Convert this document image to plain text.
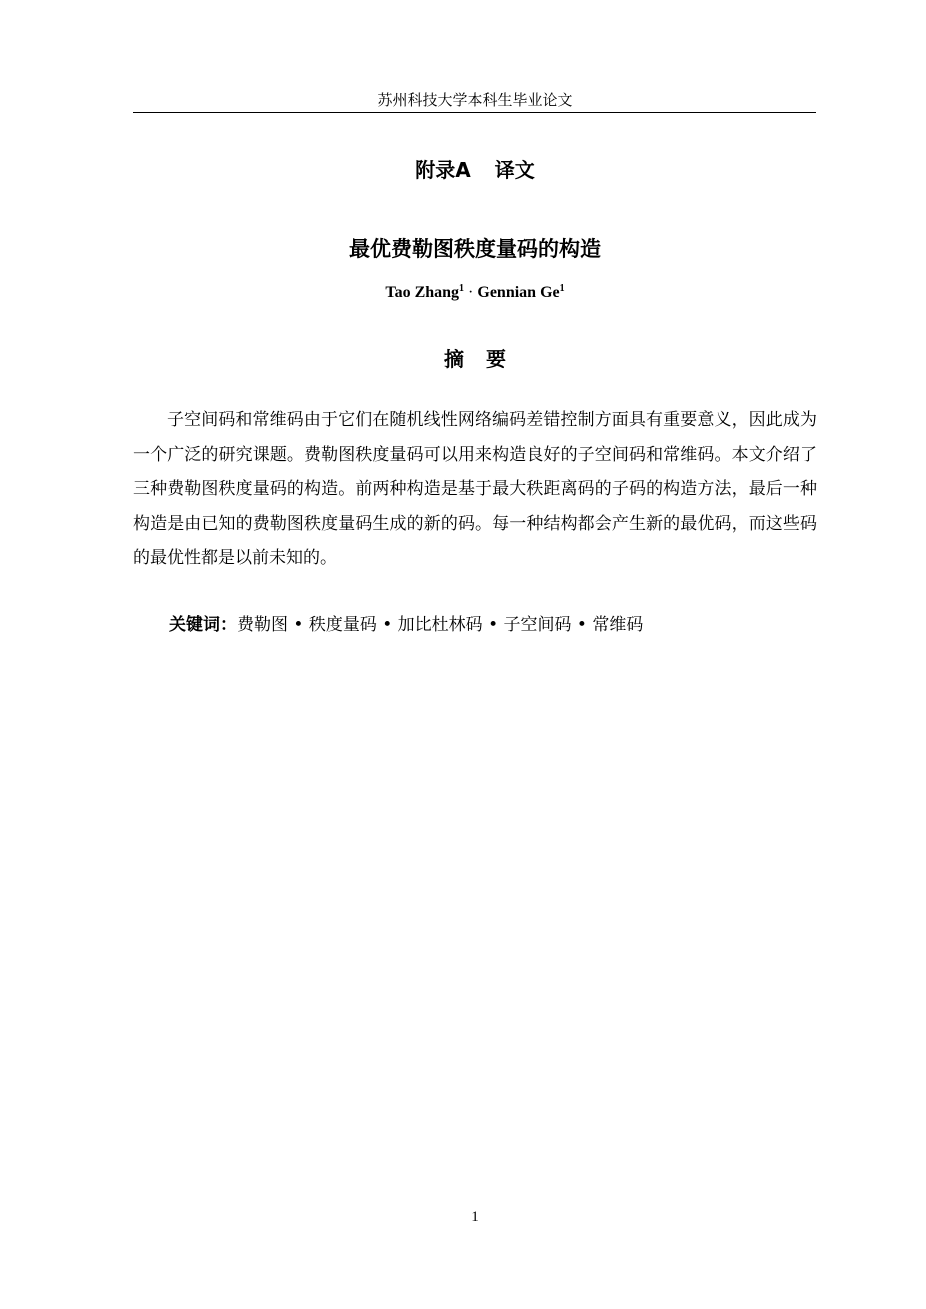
苏州科技大学本科生毕业论文
附录A 译文
最优费勒图秩度量码的构造
Tao Zhang$^1$ · Gennian Ge$^1$
摘 要

子空间码和常维码由于它们在随机线性网络编码差错控制方面具有重要意义，因此成为一个广泛的研究课题。费勒图秩度量码可以用来构造良好的子空间码和常维码。本文介绍了三种费勒图秩度量码的构造。前两种构造是基于最大秩距离码的子码的构造方法，最后一种构造是由已知的费勒图秩度量码生成的新的码。每一种结构都会产生新的最优码，而这些码的最优性都是以前未知的。

关键词：费勒图 • 秩度量码 • 加比杜林码 • 子空间码 • 常维码
1
